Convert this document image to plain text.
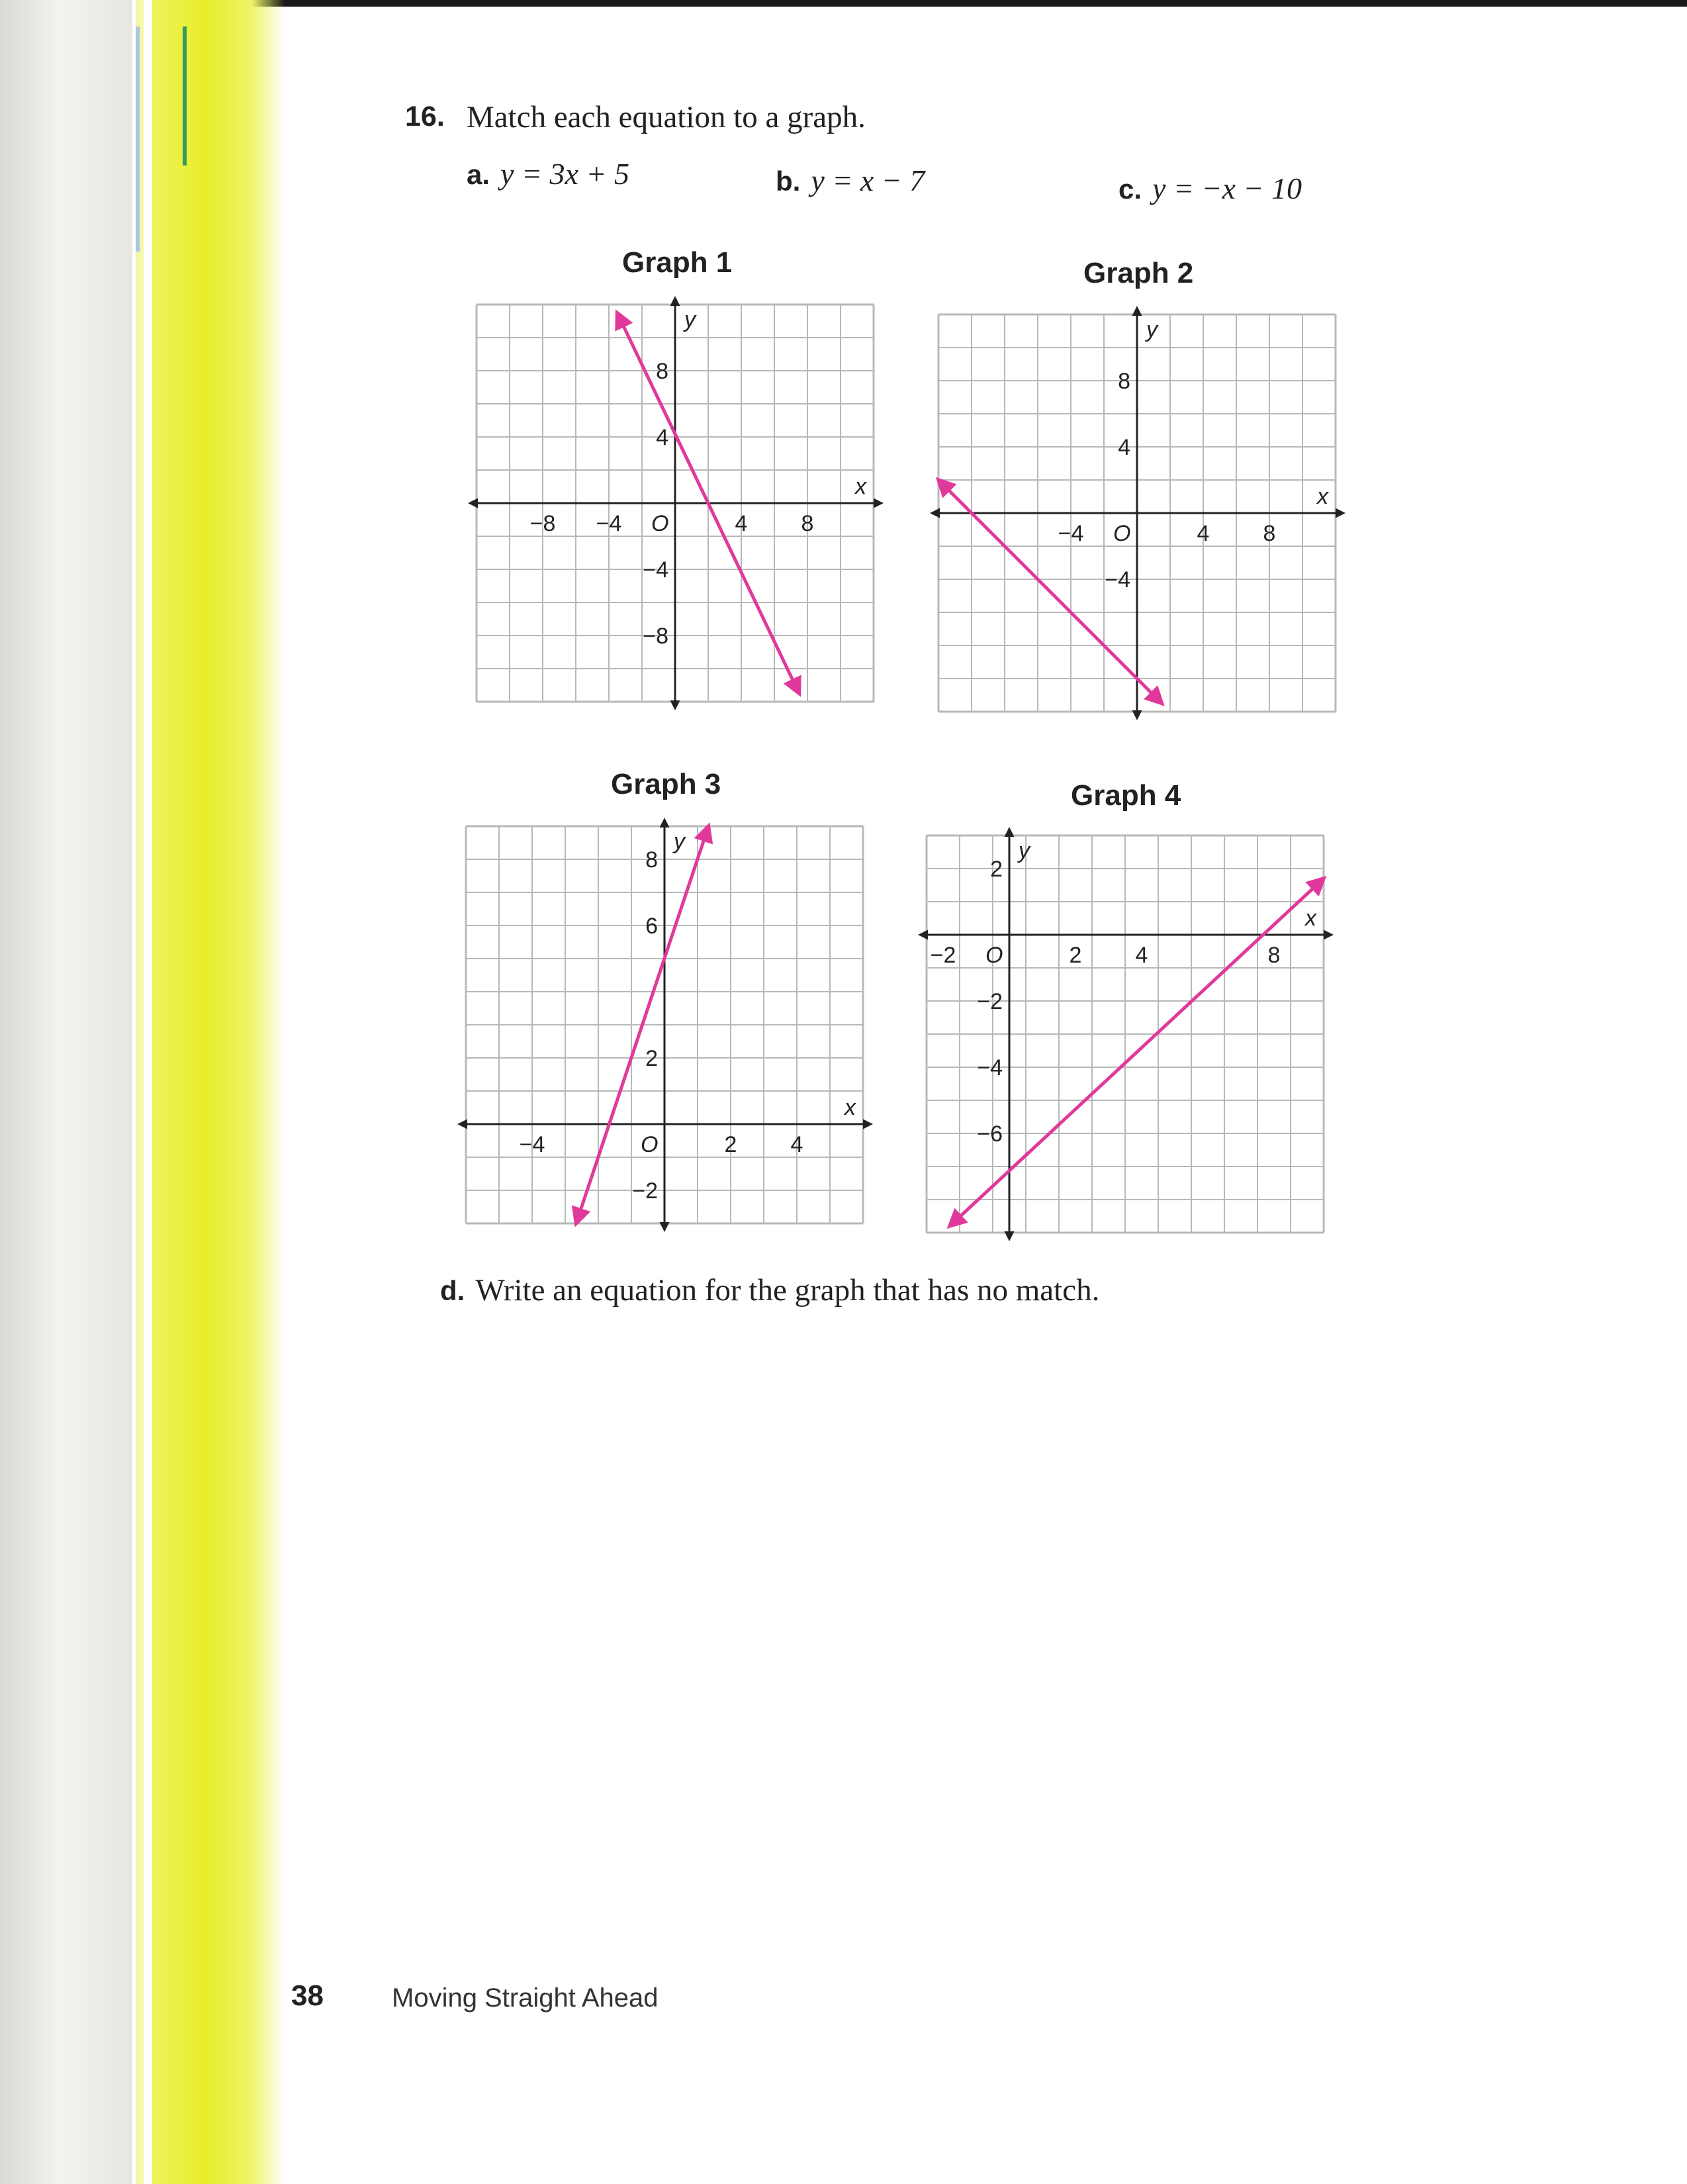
16. Match each equation to a graph.
a. y = 3x + 5	b. y = x − 7	c. y = −x − 10
Graph 1	Graph 2
Graph 3	Graph 4
x
y
O
−8 −4	4 8
8
4
−4
−8
x
y
O
−4	4 8
8
4
−4
x
y
O
−4	2 4
8
6
2
−2
x
y
O
−2	2 4	8
2
−2
−4
−6
d. Write an equation for the graph that has no match.
38	Moving Straight Ahead
